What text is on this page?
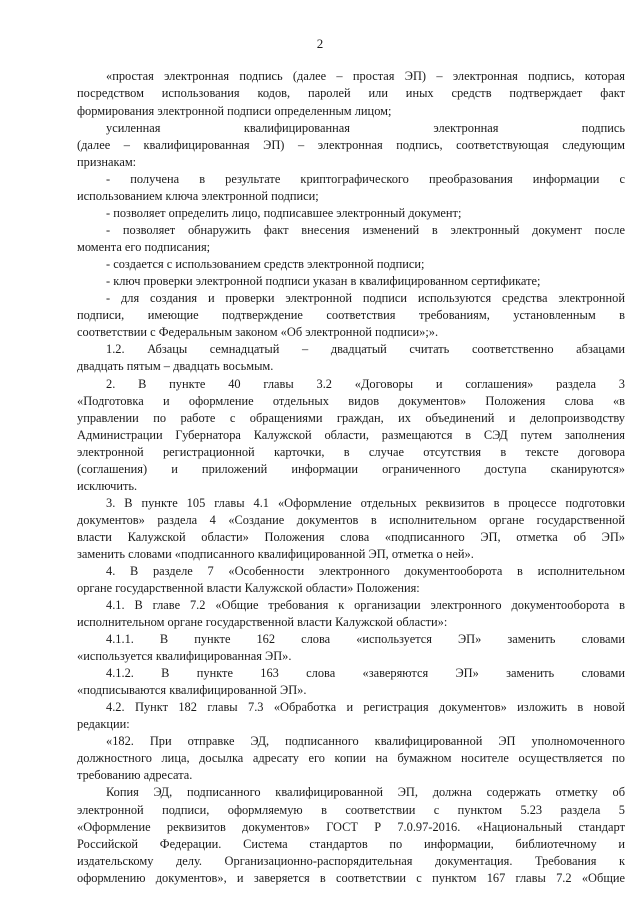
2
«простая электронная подпись (далее – простая ЭП) – электронная подпись, которая
посредством использования кодов, паролей или иных средств подтверждает факт
формирования электронной подписи определенным лицом;
усиленная квалифицированная электронная подпись
(далее – квалифицированная ЭП) – электронная подпись, соответствующая следующим
признакам:
- получена в результате криптографического преобразования информации с
использованием ключа электронной подписи;
- позволяет определить лицо, подписавшее электронный документ;
- позволяет обнаружить факт внесения изменений в электронный документ после
момента его подписания;
- создается с использованием средств электронной подписи;
- ключ проверки электронной подписи указан в квалифицированном сертификате;
- для создания и проверки электронной подписи используются средства электронной
подписи, имеющие подтверждение соответствия требованиям, установленным в
соответствии с Федеральным законом «Об электронной подписи»;».
1.2. Абзацы семнадцатый – двадцатый считать соответственно абзацами
двадцать пятым – двадцать восьмым.
2. В пункте 40 главы 3.2 «Договоры и соглашения» раздела 3
«Подготовка и оформление отдельных видов документов» Положения слова «в
управлении по работе с обращениями граждан, их объединений и делопроизводству
Администрации Губернатора Калужской области, размещаются в СЭД путем заполнения
электронной регистрационной карточки, в случае отсутствия в тексте договора
(соглашения) и приложений информации ограниченного доступа сканируются»
исключить.
3. В пункте 105 главы 4.1 «Оформление отдельных реквизитов в процессе подготовки
документов» раздела 4 «Создание документов в исполнительном органе государственной
власти Калужской области» Положения слова «подписанного ЭП, отметка об ЭП»
заменить словами «подписанного квалифицированной ЭП, отметка о ней».
4. В разделе 7 «Особенности электронного документооборота в исполнительном
органе государственной власти Калужской области» Положения:
4.1. В главе 7.2 «Общие требования к организации электронного документооборота в
исполнительном органе государственной власти Калужской области»:
4.1.1. В пункте 162 слова «используется ЭП» заменить словами
«используется квалифицированная ЭП».
4.1.2. В пункте 163 слова «заверяются ЭП» заменить словами
«подписываются квалифицированной ЭП».
4.2. Пункт 182 главы 7.3 «Обработка и регистрация документов» изложить в новой
редакции:
«182. При отправке ЭД, подписанного квалифицированной ЭП уполномоченного
должностного лица, досылка адресату его копии на бумажном носителе осуществляется по
требованию адресата.
Копия ЭД, подписанного квалифицированной ЭП, должна содержать отметку об
электронной подписи, оформляемую в соответствии с пунктом 5.23 раздела 5
«Оформление реквизитов документов» ГОСТ Р 7.0.97-2016. «Национальный стандарт
Российской Федерации. Система стандартов по информации, библиотечному и
издательскому делу. Организационно-распорядительная документация. Требования к
оформлению документов», и заверяется в соответствии с пунктом 167 главы 7.2 «Общие
